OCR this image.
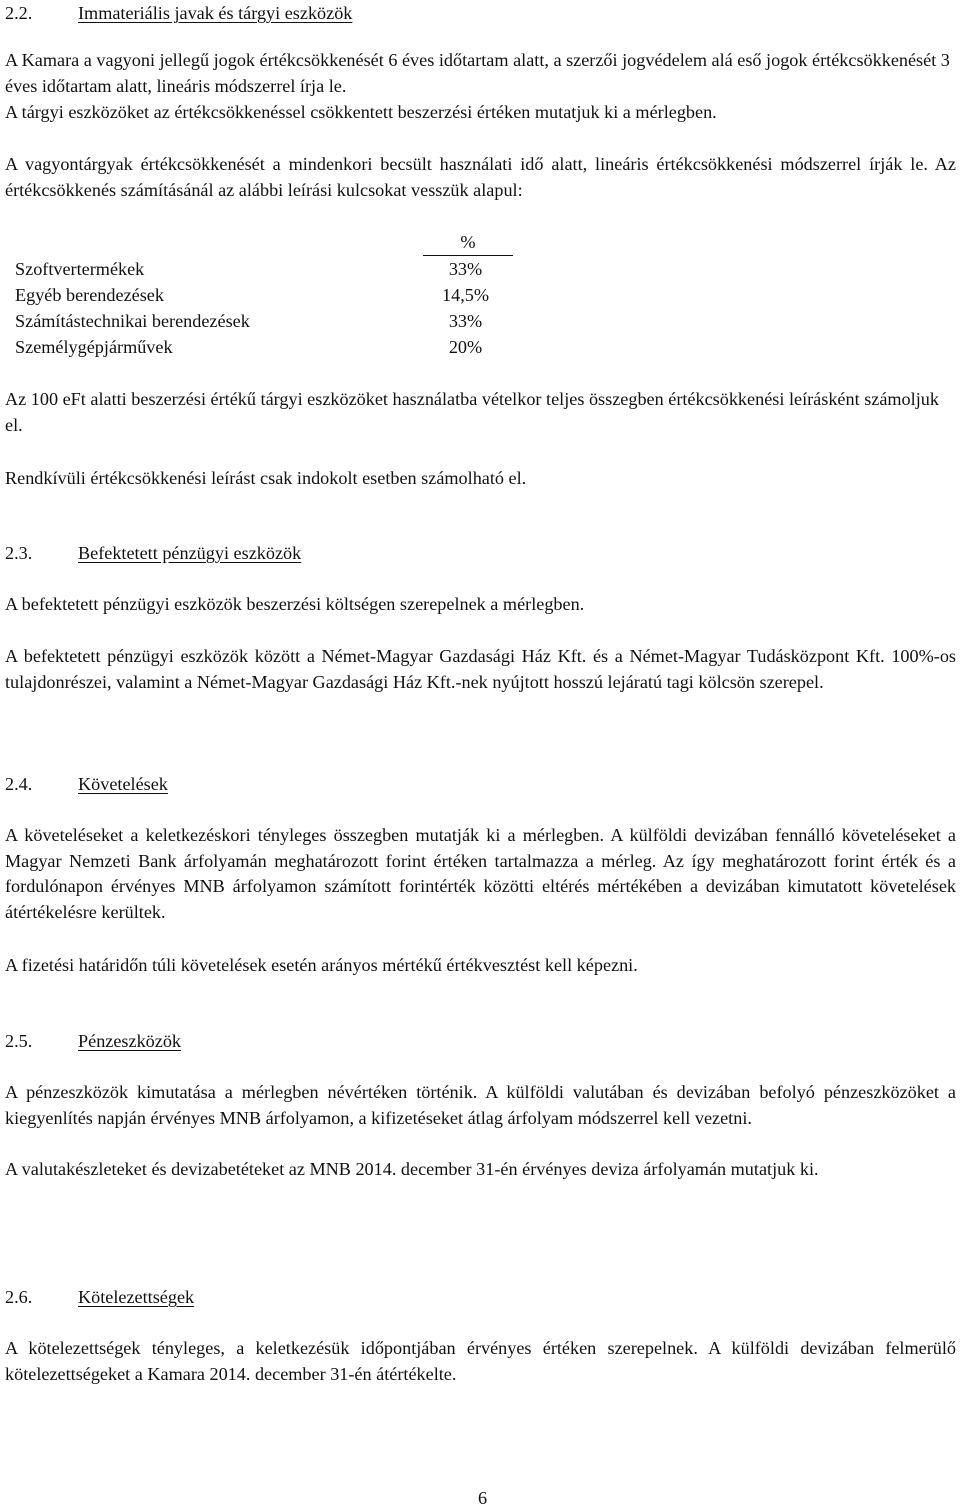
2.2.	Immateriális javak és tárgyi eszközök

A Kamara a vagyoni jellegű jogok értékcsökkenését 6 éves időtartam alatt, a szerzői jogvédelem alá eső jogok értékcsökkenését 3 éves időtartam alatt, lineáris módszerrel írja le.

A tárgyi eszközöket az értékcsökkenéssel csökkentett beszerzési értéken mutatjuk ki a mérlegben.

A vagyontárgyak értékcsökkenését a mindenkori becsült használati idő alatt, lineáris értékcsökkenési módszerrel írják le. Az értékcsökkenés számításánál az alábbi leírási kulcsokat vesszük alapul:

%
Szoftvertermékek	33%
Egyéb berendezések	14,5%
Számítástechnikai berendezések	33%
Személygépjárművek	20%

Az 100 eFt alatti beszerzési értékű tárgyi eszközöket használatba vételkor teljes összegben értékcsökkenési leírásként számoljuk el.

Rendkívüli értékcsökkenési leírást csak indokolt esetben számolható el.

2.3.	Befektetett pénzügyi eszközök

A befektetett pénzügyi eszközök beszerzési költségen szerepelnek a mérlegben.

A befektetett pénzügyi eszközök között a Német-Magyar Gazdasági Ház Kft. és a Német-Magyar Tudásközpont Kft. 100%-os tulajdonrészei, valamint a Német-Magyar Gazdasági Ház Kft.-nek nyújtott hosszú lejáratú tagi kölcsön szerepel.

2.4.	Követelések

A követeléseket a keletkezéskori tényleges összegben mutatják ki a mérlegben. A külföldi devizában fennálló követeléseket a Magyar Nemzeti Bank árfolyamán meghatározott forint értéken tartalmazza a mérleg. Az így meghatározott forint érték és a fordulónapon érvényes MNB árfolyamon számított forintérték közötti eltérés mértékében a devizában kimutatott követelések átértékelésre kerültek.

A fizetési határidőn túli követelések esetén arányos mértékű értékvesztést kell képezni.

2.5.	Pénzeszközök

A pénzeszközök kimutatása a mérlegben névértéken történik. A külföldi valutában és devizában befolyó pénzeszközöket a kiegyenlítés napján érvényes MNB árfolyamon, a kifizetéseket átlag árfolyam módszerrel kell vezetni.

A valutakészleteket és devizabetéteket az MNB 2014. december 31-én érvényes deviza árfolyamán mutatjuk ki.

2.6.	Kötelezettségek

A kötelezettségek tényleges, a keletkezésük időpontjában érvényes értéken szerepelnek. A külföldi devizában felmerülő kötelezettségeket a Kamara 2014. december 31-én átértékelte.

6
